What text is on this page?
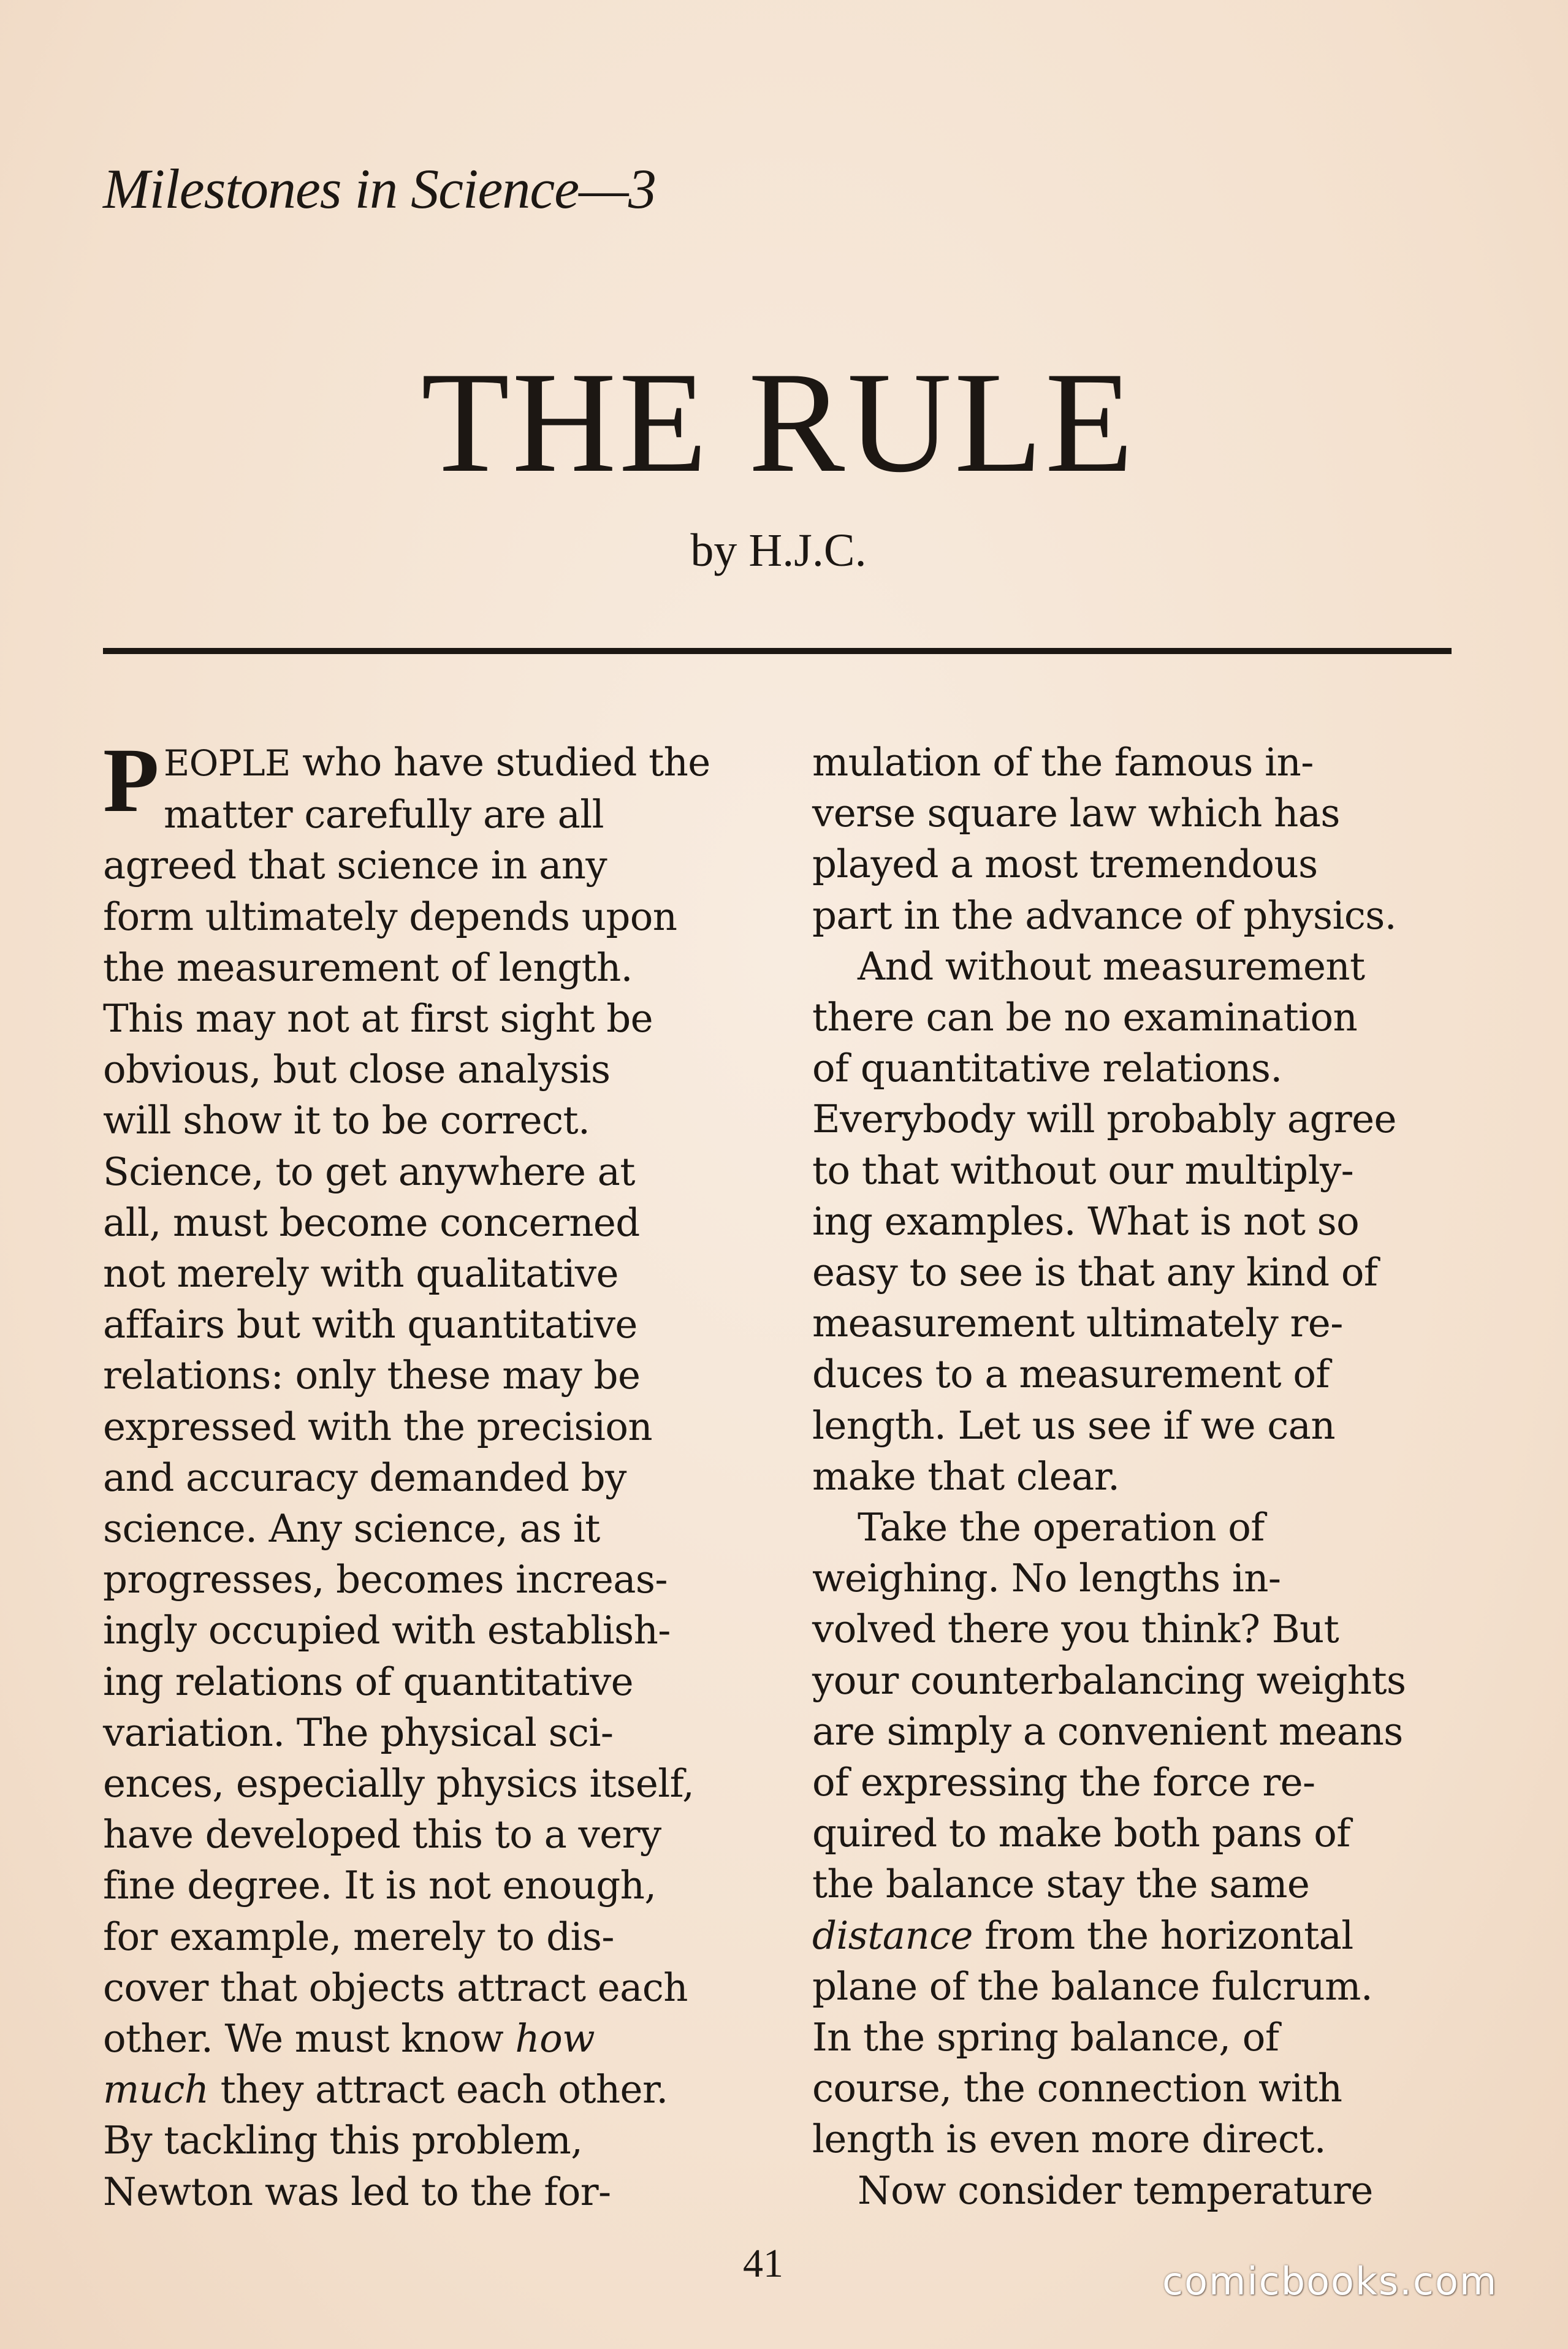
Milestones in Science—3
THE RULE
by H.J.C.

PEOPLE who have studied the

matter carefully are all

agreed that science in any

form ultimately depends upon

the measurement of length.

This may not at first sight be

obvious, but close analysis

will show it to be correct.

Science, to get anywhere at

all, must become concerned

not merely with qualitative

affairs but with quantitative

relations: only these may be

expressed with the precision

and accuracy demanded by

science. Any science, as it

progresses, becomes increas-

ingly occupied with establish-

ing relations of quantitative

variation. The physical sci-

ences, especially physics itself,

have developed this to a very

fine degree. It is not enough,

for example, merely to dis-

cover that objects attract each

other. We must know how

much they attract each other.

By tackling this problem,

Newton was led to the for-

mulation of the famous in-

verse square law which has

played a most tremendous

part in the advance of physics.

And without measurement

there can be no examination

of quantitative relations.

Everybody will probably agree

to that without our multiply-

ing examples. What is not so

easy to see is that any kind of

measurement ultimately re-

duces to a measurement of

length. Let us see if we can

make that clear.

Take the operation of

weighing. No lengths in-

volved there you think? But

your counterbalancing weights

are simply a convenient means

of expressing the force re-

quired to make both pans of

the balance stay the same

distance from the horizontal

plane of the balance fulcrum.

In the spring balance, of

course, the connection with

length is even more direct.

Now consider temperature

41	comicbooks.com
